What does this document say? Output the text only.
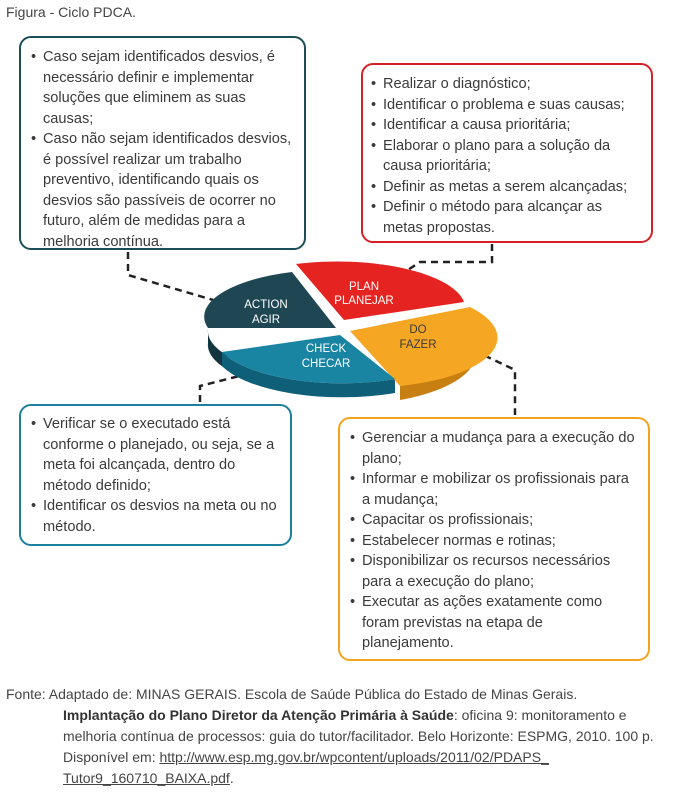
Figura - Ciclo PDCA.
• Caso sejam identificados desvios, é necessário definir e implementar soluções que eliminem as suas causas;
• Caso não sejam identificados desvios, é possível realizar um trabalho preventivo, identificando quais os desvios são passíveis de ocorrer no futuro, além de medidas para a melhoria contínua.
• Realizar o diagnóstico;
• Identificar o problema e suas causas;
• Identificar a causa prioritária;
• Elaborar o plano para a solução da causa prioritária;
• Definir as metas a serem alcançadas;
• Definir o método para alcançar as metas propostas.
• Verificar se o executado está conforme o planejado, ou seja, se a meta foi alcançada, dentro do método definido;
• Identificar os desvios na meta ou no método.
• Gerenciar a mudança para a execução do plano;
• Informar e mobilizar os profissionais para a mudança;
• Capacitar os profissionais;
• Estabelecer normas e rotinas;
• Disponibilizar os recursos necessários para a execução do plano;
• Executar as ações exatamente como foram previstas na etapa de planejamento.
PLAN
PLANEJAR
ACTION
AGIR
DO
FAZER
CHECK
CHECAR
Fonte: Adaptado de: MINAS GERAIS. Escola de Saúde Pública do Estado de Minas Gerais.
Implantação do Plano Diretor da Atenção Primária à Saúde: oficina 9: monitoramento e melhoria contínua de processos: guia do tutor/facilitador. Belo Horizonte: ESPMG, 2010. 100 p. Disponível em: http://www.esp.mg.gov.br/wpcontent/uploads/2011/02/PDAPS_ Tutor9_160710_BAIXA.pdf.
